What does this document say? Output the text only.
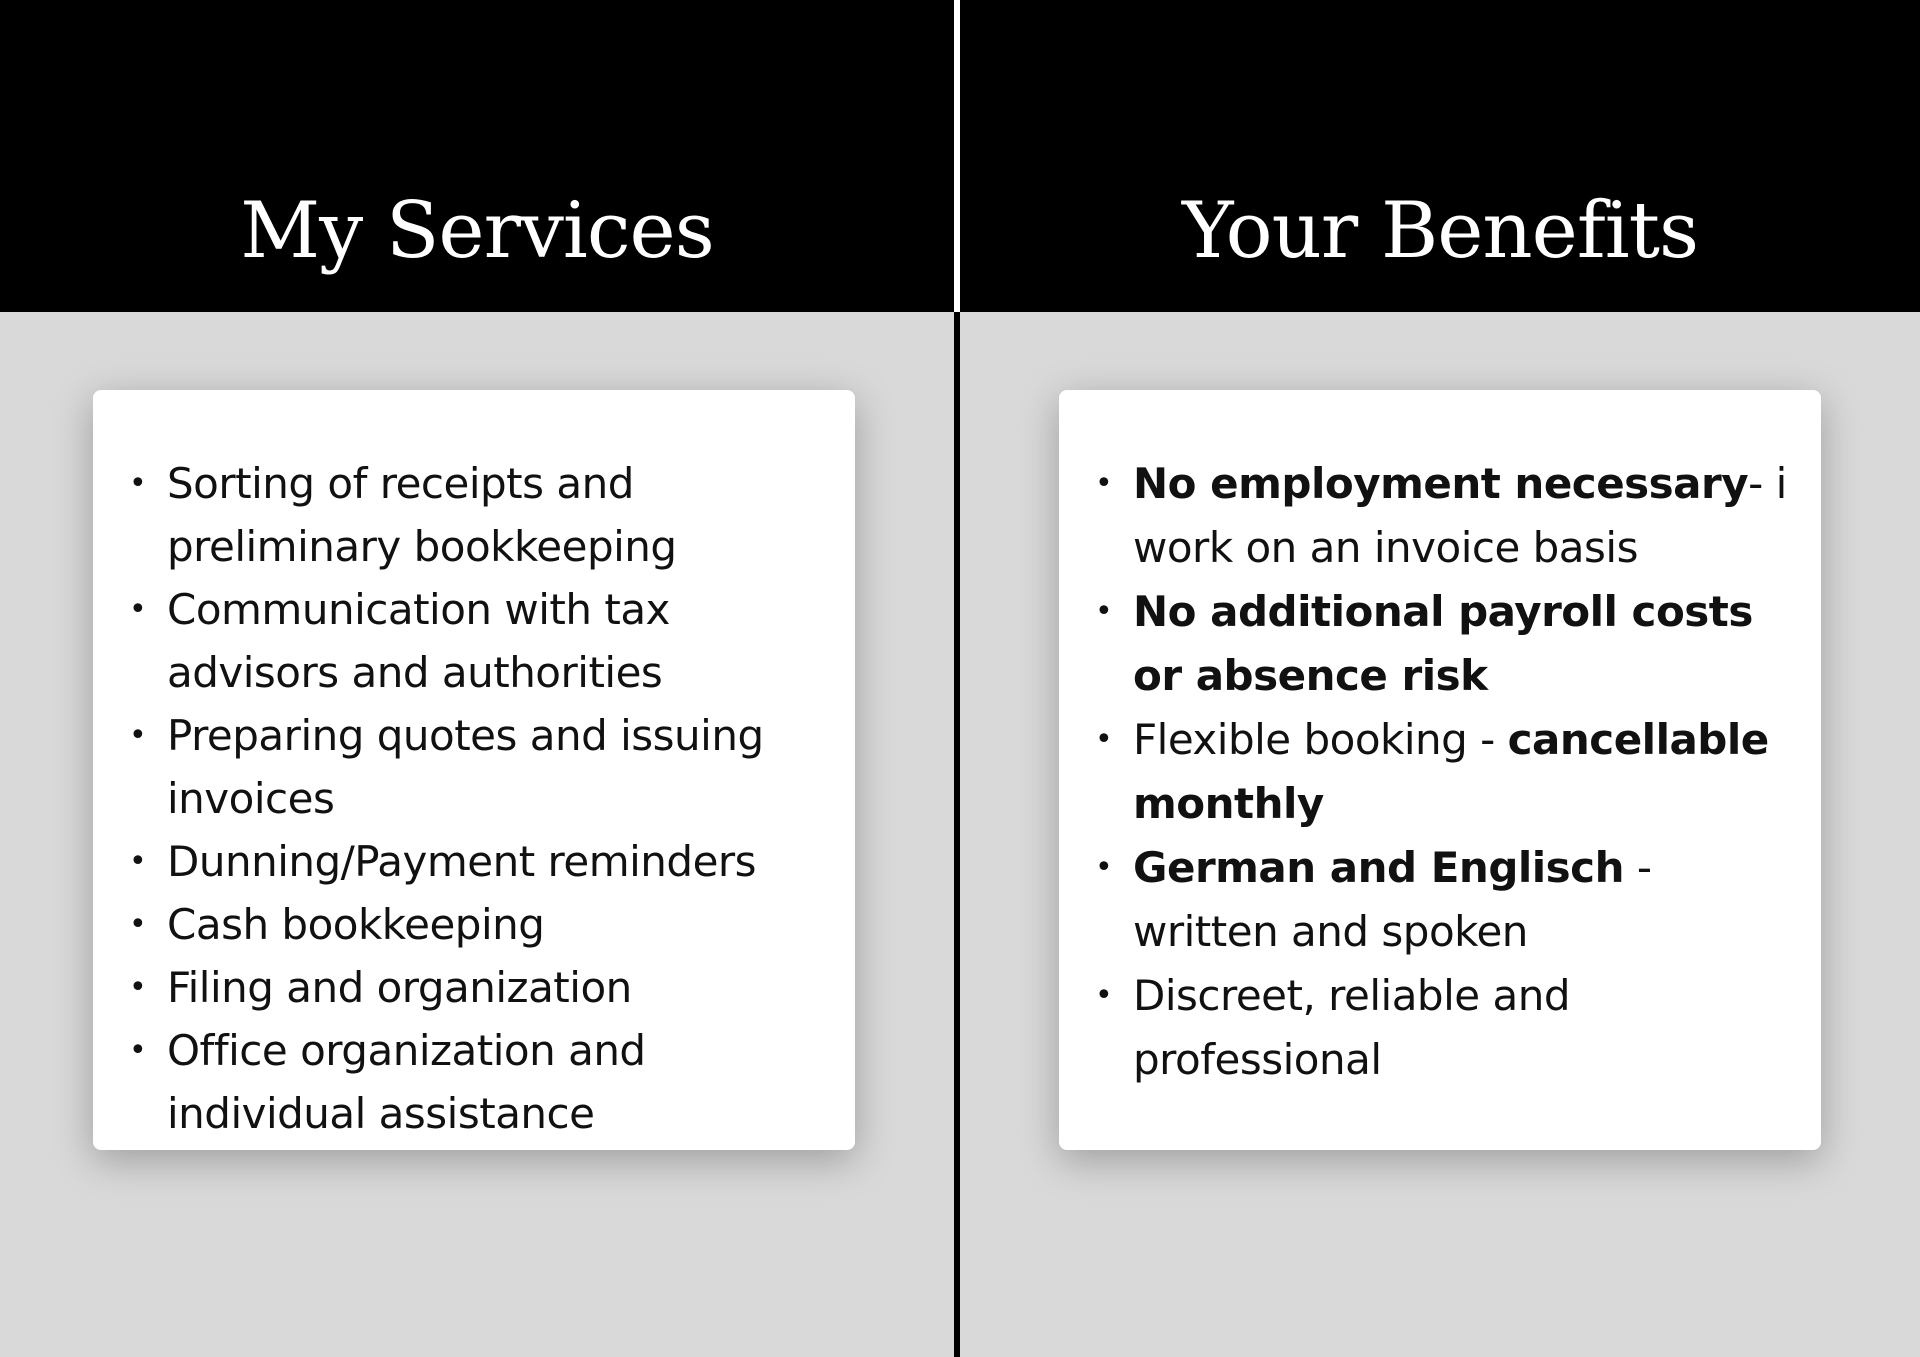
My Services	Your Benefits
• Sorting of receipts and preliminary bookkeeping
• Communication with tax advisors and authorities
• Preparing quotes and issuing invoices
• Dunning/Payment reminders
• Cash bookkeeping
• Filing and organization
• Office organization and individual assistance
• No employment necessary- i work on an invoice basis
• No additional payroll costs or absence risk
• Flexible booking - cancellable monthly
• German and Englisch - written and spoken
• Discreet, reliable and professional
